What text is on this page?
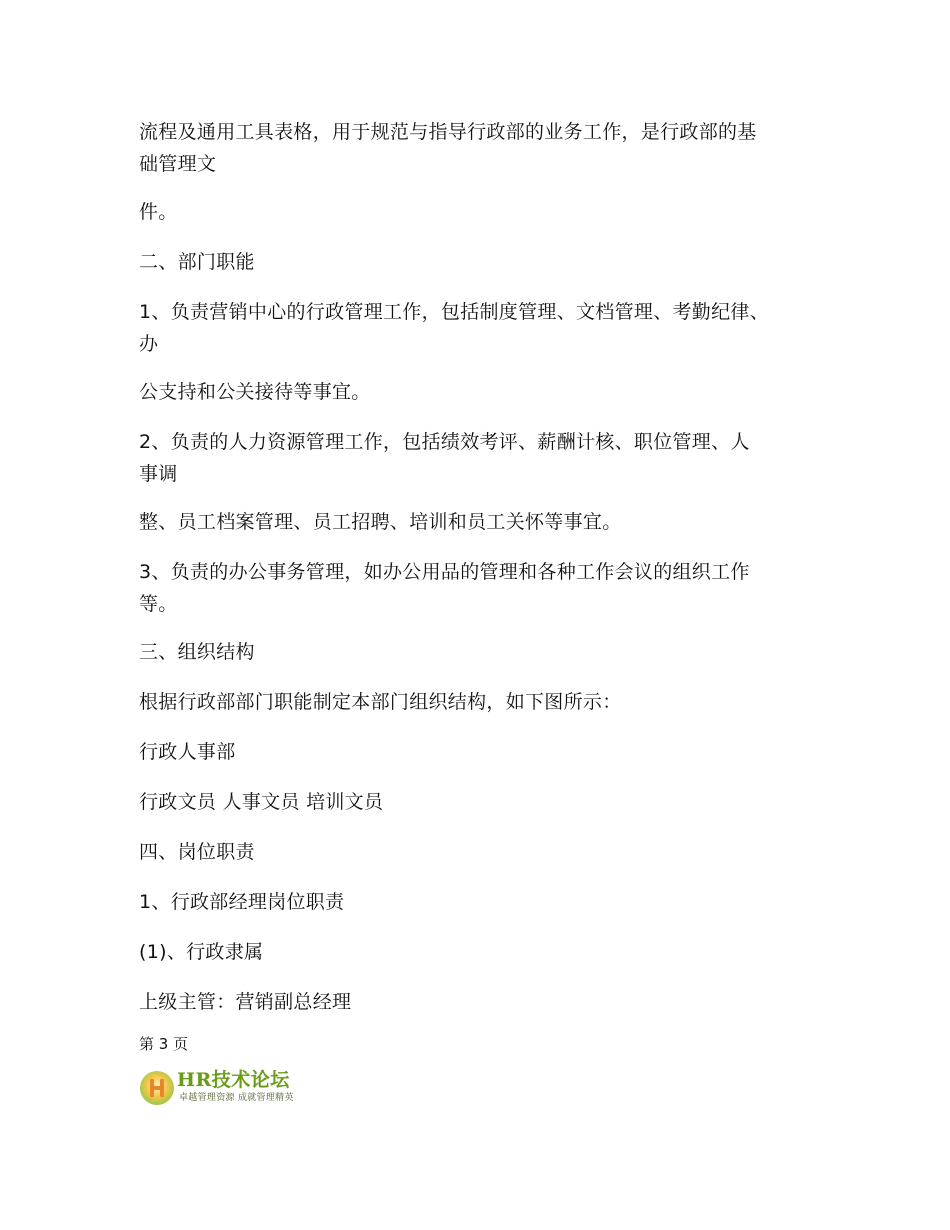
流程及通用工具表格，用于规范与指导行政部的业务工作，是行政部的基
础管理文
件。
二、部门职能
1、负责营销中心的行政管理工作，包括制度管理、文档管理、考勤纪律、
办
公支持和公关接待等事宜。
2、负责的人力资源管理工作，包括绩效考评、薪酬计核、职位管理、人
事调
整、员工档案管理、员工招聘、培训和员工关怀等事宜。
3、负责的办公事务管理，如办公用品的管理和各种工作会议的组织工作
等。
三、组织结构
根据行政部部门职能制定本部门组织结构，如下图所示：
行政人事部
行政文员 人事文员 培训文员
四、岗位职责
1、行政部经理岗位职责
(1)、行政隶属
上级主管：营销副总经理
第 3 页
HR技术论坛
卓越管理资源 成就管理精英
